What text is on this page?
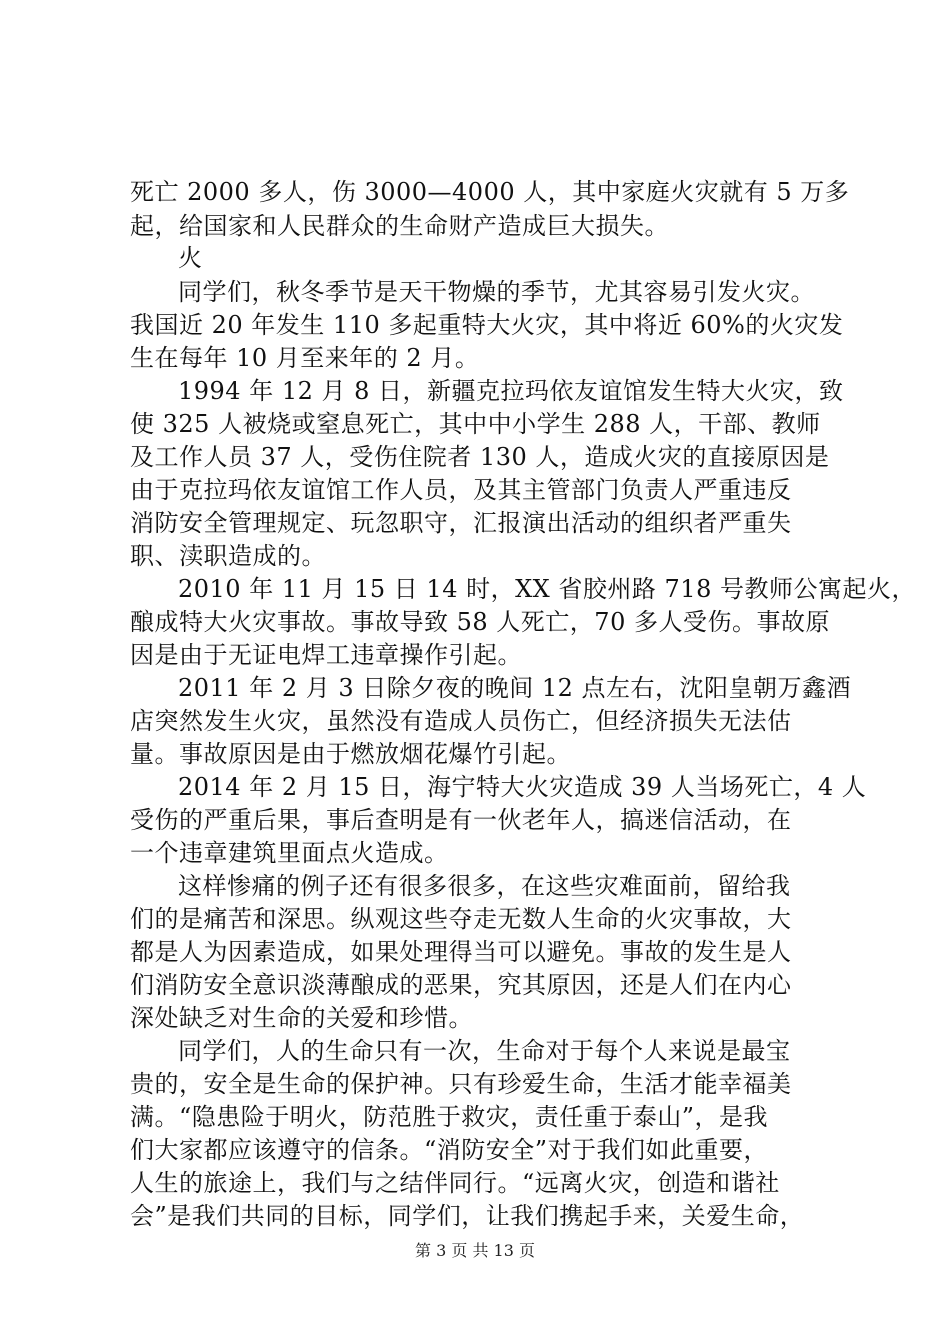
死亡 2000 多人，伤 3000—4000 人，其中家庭火灾就有 5 万多
起，给国家和人民群众的生命财产造成巨大损失。
火
同学们，秋冬季节是天干物燥的季节，尤其容易引发火灾。
我国近 20 年发生 110 多起重特大火灾，其中将近 60%的火灾发
生在每年 10 月至来年的 2 月。
1994 年 12 月 8 日，新疆克拉玛依友谊馆发生特大火灾，致
使 325 人被烧或窒息死亡，其中中小学生 288 人，干部、教师
及工作人员 37 人，受伤住院者 130 人，造成火灾的直接原因是
由于克拉玛依友谊馆工作人员，及其主管部门负责人严重违反
消防安全管理规定、玩忽职守，汇报演出活动的组织者严重失
职、渎职造成的。
2010 年 11 月 15 日 14 时，XX 省胶州路 718 号教师公寓起火，
酿成特大火灾事故。事故导致 58 人死亡，70 多人受伤。事故原
因是由于无证电焊工违章操作引起。
2011 年 2 月 3 日除夕夜的晚间 12 点左右，沈阳皇朝万鑫酒
店突然发生火灾，虽然没有造成人员伤亡，但经济损失无法估
量。事故原因是由于燃放烟花爆竹引起。
2014 年 2 月 15 日，海宁特大火灾造成 39 人当场死亡，4 人
受伤的严重后果，事后查明是有一伙老年人，搞迷信活动，在
一个违章建筑里面点火造成。
这样惨痛的例子还有很多很多，在这些灾难面前，留给我
们的是痛苦和深思。纵观这些夺走无数人生命的火灾事故，大
都是人为因素造成，如果处理得当可以避免。事故的发生是人
们消防安全意识淡薄酿成的恶果，究其原因，还是人们在内心
深处缺乏对生命的关爱和珍惜。
同学们，人的生命只有一次，生命对于每个人来说是最宝
贵的，安全是生命的保护神。只有珍爱生命，生活才能幸福美
满。“隐患险于明火，防范胜于救灾，责任重于泰山”，是我
们大家都应该遵守的信条。“消防安全”对于我们如此重要，
人生的旅途上，我们与之结伴同行。“远离火灾，创造和谐社
会”是我们共同的目标，同学们，让我们携起手来，关爱生命，
第 3 页 共 13 页
